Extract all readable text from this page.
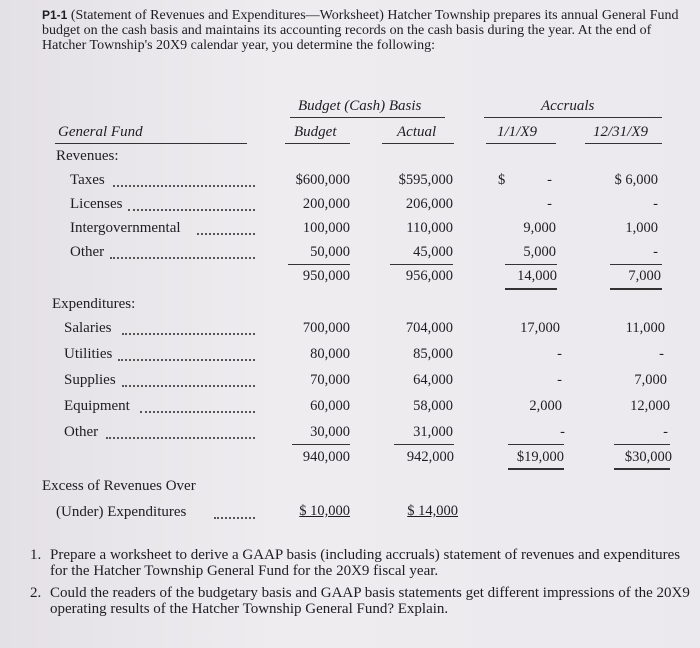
P1-1 (Statement of Revenues and Expenditures—Worksheet) Hatcher Township prepares its annual General Fund budget on the cash basis and maintains its accounting records on the cash basis during the year. At the end of Hatcher Township's 20X9 calendar year, you determine the following:
Budget (Cash) Basis	Accruals
General Fund	Budget	Actual	1/1/X9	12/31/X9
Revenues:
Taxes	$600,000	$595,000	$	-	$ 6,000
Licenses	200,000	206,000	-	-
Intergovernmental	100,000	110,000	9,000	1,000
Other	50,000	45,000	5,000	-
950,000	956,000	14,000	7,000
Expenditures:
Salaries	700,000	704,000	17,000	11,000
Utilities	80,000	85,000	-	-
Supplies	70,000	64,000	-	7,000
Equipment	60,000	58,000	2,000	12,000
Other	30,000	31,000	-	-
940,000	942,000	$19,000	$30,000
Excess of Revenues Over
(Under) Expenditures	$ 10,000	$ 14,000
1. Prepare a worksheet to derive a GAAP basis (including accruals) statement of revenues and expenditures for the Hatcher Township General Fund for the 20X9 fiscal year.
2. Could the readers of the budgetary basis and GAAP basis statements get different impressions of the 20X9 operating results of the Hatcher Township General Fund? Explain.
